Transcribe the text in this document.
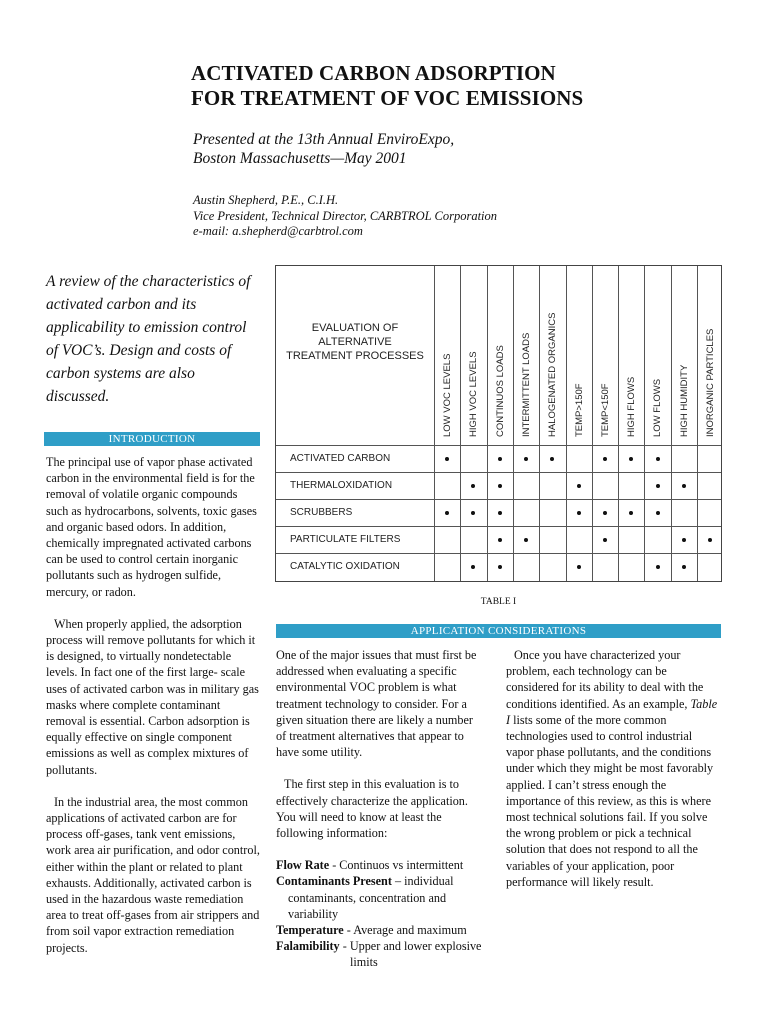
ACTIVATED CARBON ADSORPTION
FOR TREATMENT OF VOC EMISSIONS
Presented at the 13th Annual EnviroExpo,
Boston Massachusetts—May 2001
Austin Shepherd, P.E., C.I.H.
Vice President, Technical Director, CARBTROL Corporation
e-mail: a.shepherd@carbtrol.com
A review of the characteristics of activated carbon and its applicability to emission control of VOC’s. Design and costs of carbon systems are also discussed.
INTRODUCTION

The principal use of vapor phase activated carbon in the environmental field is for the removal of volatile organic compounds such as hydrocarbons, solvents, toxic gases and organic based odors. In addition, chemically impregnated activated carbons can be used to control certain inorganic pollutants such as hydrogen sulfide, mercury, or radon.

When properly applied, the adsorption process will remove pollutants for which it is designed, to virtually nondetectable levels. In fact one of the first large- scale uses of activated carbon was in military gas masks where complete contaminant removal is essential. Carbon adsorption is equally effective on single component emissions as well as complex mixtures of pollutants.

In the industrial area, the most common applications of activated carbon are for process off-gases, tank vent emissions, work area air purification, and odor control, either within the plant or related to plant exhausts. Additionally, activated carbon is used in the hazardous waste remediation area to treat off-gases from air strippers and from soil vapor extraction remediation projects.

EVALUATION OF
ALTERNATIVE
TREATMENT PROCESSES	LOW VOC LEVELS HIGH VOC LEVELS CONTINUOS LOADS INTERMITTENT LOADS HALOGENATED ORGANICS TEMP>150F TEMP<150F HIGH FLOWS LOW FLOWS HIGH HUMIDITY INORGANIC PARTICLES
ACTIVATED CARBON
THERMALOXIDATION
SCRUBBERS
PARTICULATE FILTERS
CATALYTIC OXIDATION
TABLE I
APPLICATION CONSIDERATIONS

One of the major issues that must first be addressed when evaluating a specific environmental VOC problem is what treatment technology to consider. For a given situation there are likely a number of treatment alternatives that appear to have some utility.

The first step in this evaluation is to effectively characterize the application. You will need to know at least the following information:

Flow Rate - Continuos vs intermittent
Contaminants Present – individual contaminants, concentration and variability
Temperature - Average and maximum
Falamibility - Upper and lower explosive limits

Once you have characterized your problem, each technology can be considered for its ability to deal with the conditions identified. As an example, Table I lists some of the more common technologies used to control industrial vapor phase pollutants, and the conditions under which they might be most favorably applied. I can’t stress enough the importance of this review, as this is where most technical solutions fail. If you solve the wrong problem or pick a technical solution that does not respond to all the variables of your application, poor performance will likely result.
